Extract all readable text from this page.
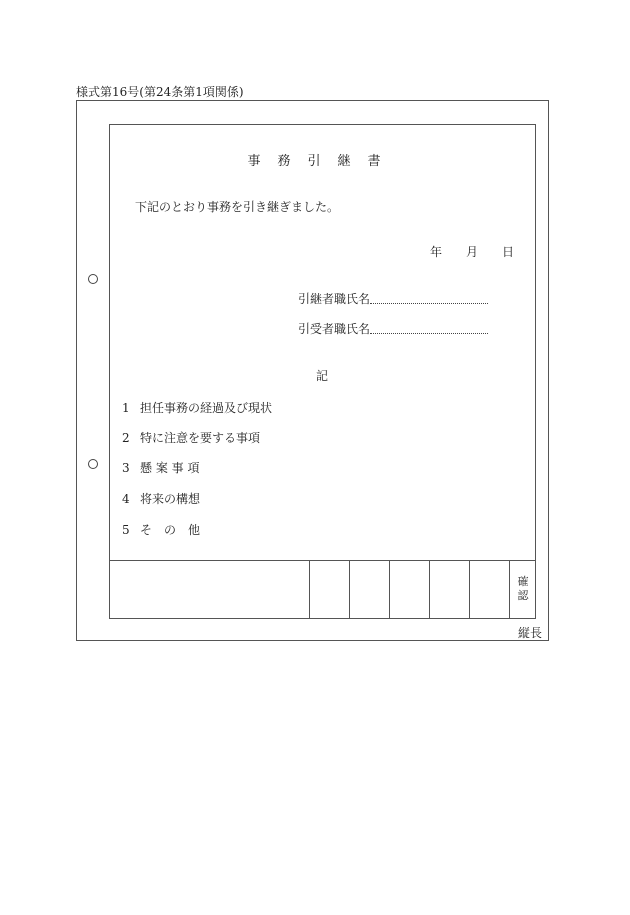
様式第16号(第24条第1項関係)
事務引継書
下記のとおり事務を引き継ぎました。
年 月 日
引継者職氏名
引受者職氏名
記
1 担任事務の経過及び現状
2 特に注意を要する事項
3 懸 案 事 項
4 将来の構想
5 そ　の　他
確
認
縦長
